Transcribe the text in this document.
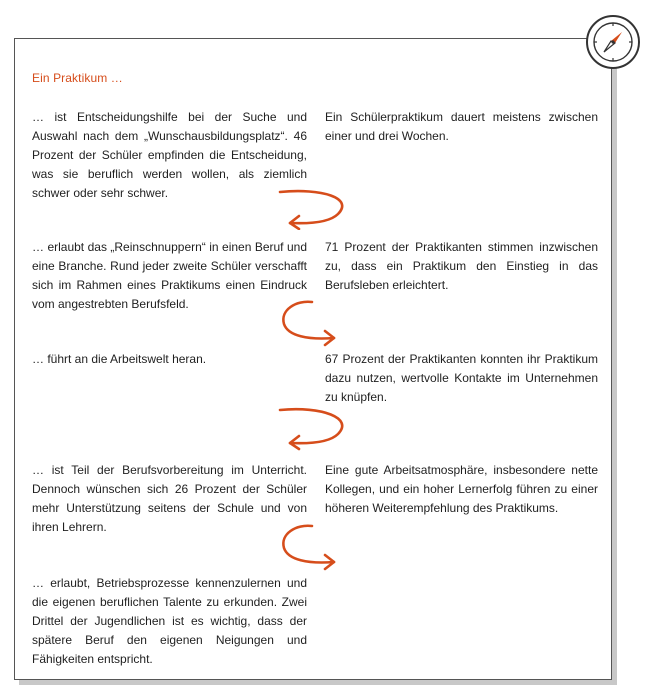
Ein Praktikum …

… ist Entscheidungshilfe bei der Suche und Auswahl nach dem „Wunschausbildungsplatz“. 46 Prozent der Schüler empfinden die Entscheidung, was sie beruflich werden wollen, als ziemlich schwer oder sehr schwer.

Ein Schülerpraktikum dauert meistens zwischen einer und drei Wochen.

… erlaubt das „Reinschnuppern“ in einen Beruf und eine Branche. Rund jeder zweite Schüler verschafft sich im Rahmen eines Praktikums einen Eindruck vom angestrebten Berufsfeld.

71 Prozent der Praktikanten stimmen inzwischen zu, dass ein Praktikum den Einstieg in das Berufsleben erleichtert.

… führt an die Arbeitswelt heran.	67 Prozent der Praktikanten konnten ihr Praktikum dazu nutzen, wertvolle Kontakte im Unternehmen zu knüpfen.

… ist Teil der Berufsvorbereitung im Unterricht. Dennoch wünschen sich 26 Prozent der Schüler mehr Unterstützung seitens der Schule und von ihren Lehrern.

Eine gute Arbeitsatmosphäre, insbesondere nette Kollegen, und ein hoher Lernerfolg führen zu einer höheren Weiterempfehlung des Praktikums.

… erlaubt, Betriebsprozesse kennenzulernen und die eigenen beruflichen Talente zu erkunden. Zwei Drittel der Jugendlichen ist es wichtig, dass der spätere Beruf den eigenen Neigungen und Fähigkeiten entspricht.
